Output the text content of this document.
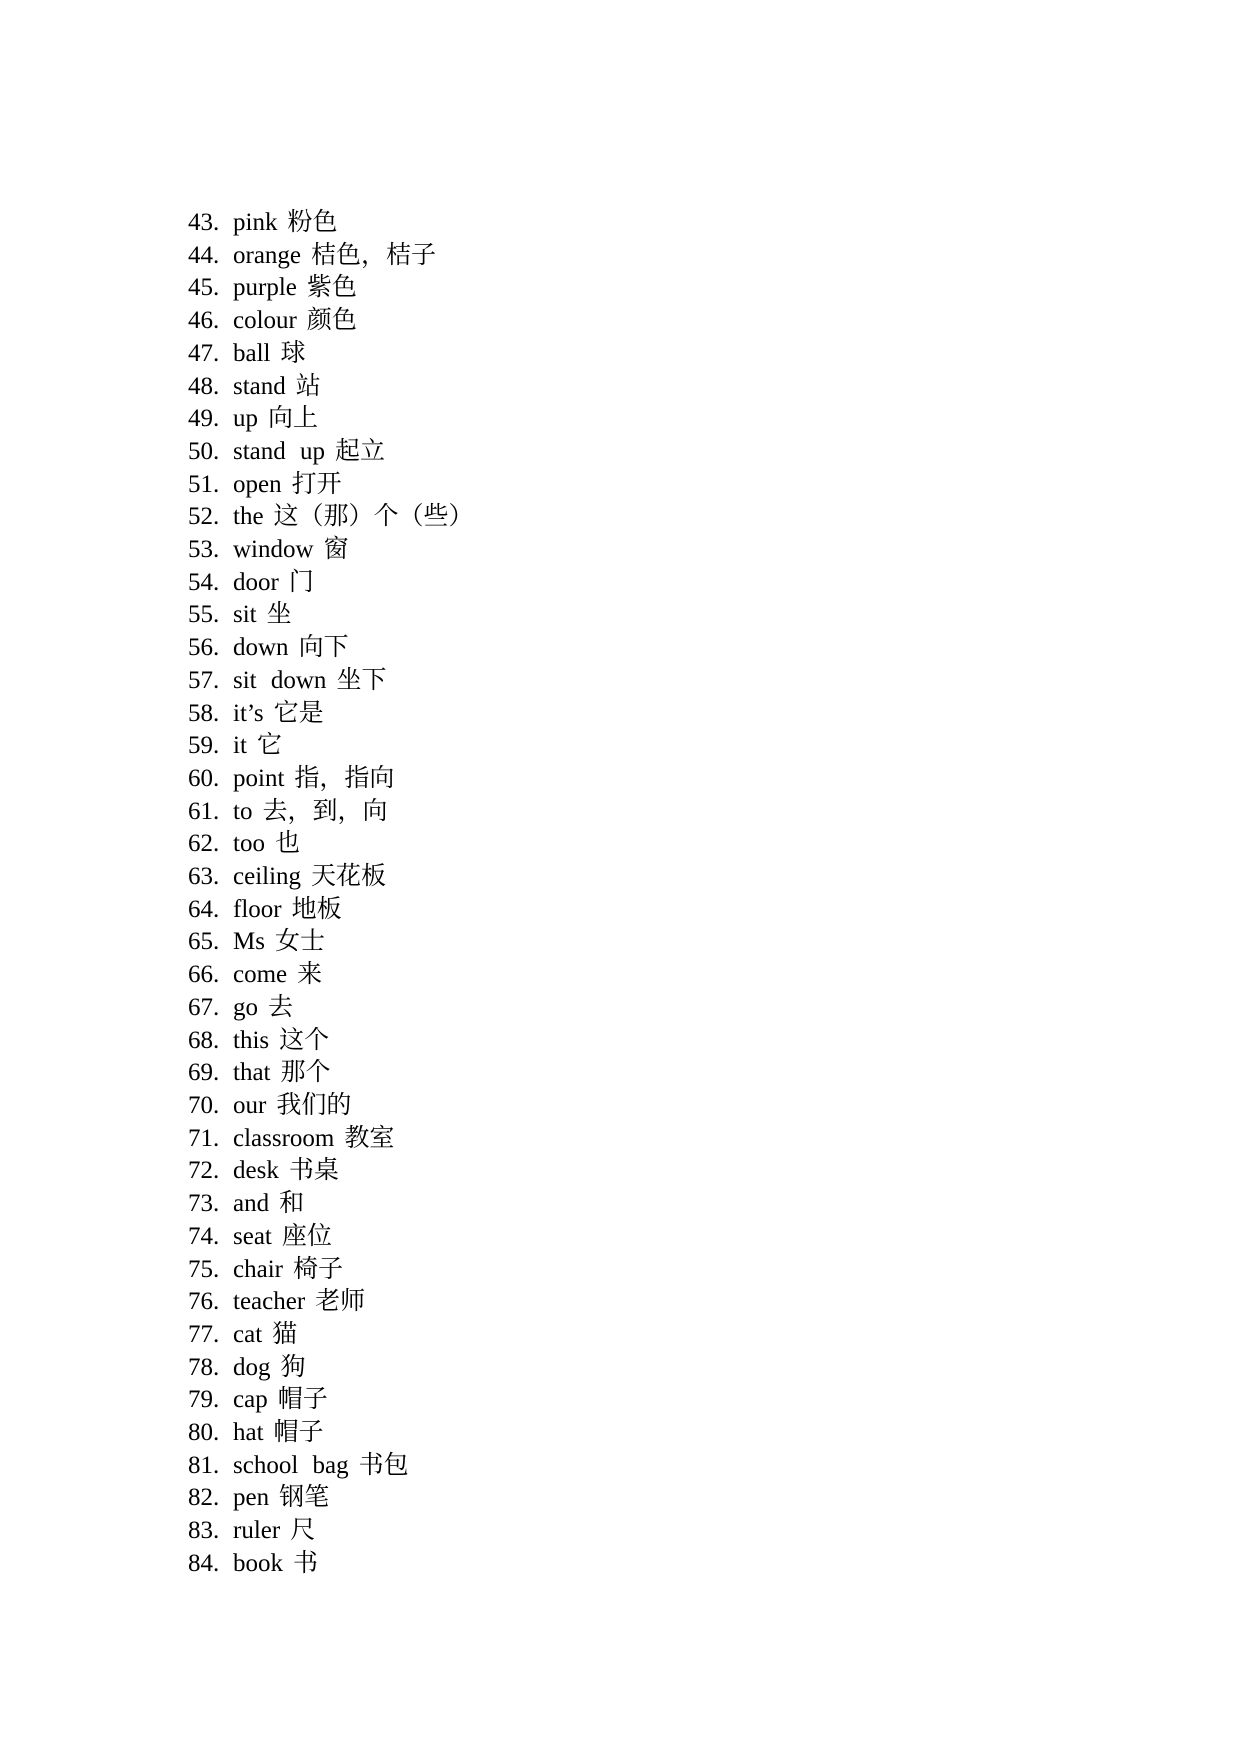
43. pink 粉色
44. orange 桔色，桔子
45. purple 紫色
46. colour 颜色
47. ball 球
48. stand 站
49. up 向上
50. stand up 起立
51. open 打开
52. the 这（那）个（些）
53. window 窗
54. door 门
55. sit 坐
56. down 向下
57. sit down 坐下
58. it’s 它是
59. it 它
60. point 指，指向
61. to 去，到，向
62. too 也
63. ceiling 天花板
64. floor 地板
65. Ms 女士
66. come 来
67. go 去
68. this 这个
69. that 那个
70. our 我们的
71. classroom 教室
72. desk 书桌
73. and 和
74. seat 座位
75. chair 椅子
76. teacher 老师
77. cat 猫
78. dog 狗
79. cap 帽子
80. hat 帽子
81. school bag 书包
82. pen 钢笔
83. ruler 尺
84. book 书
